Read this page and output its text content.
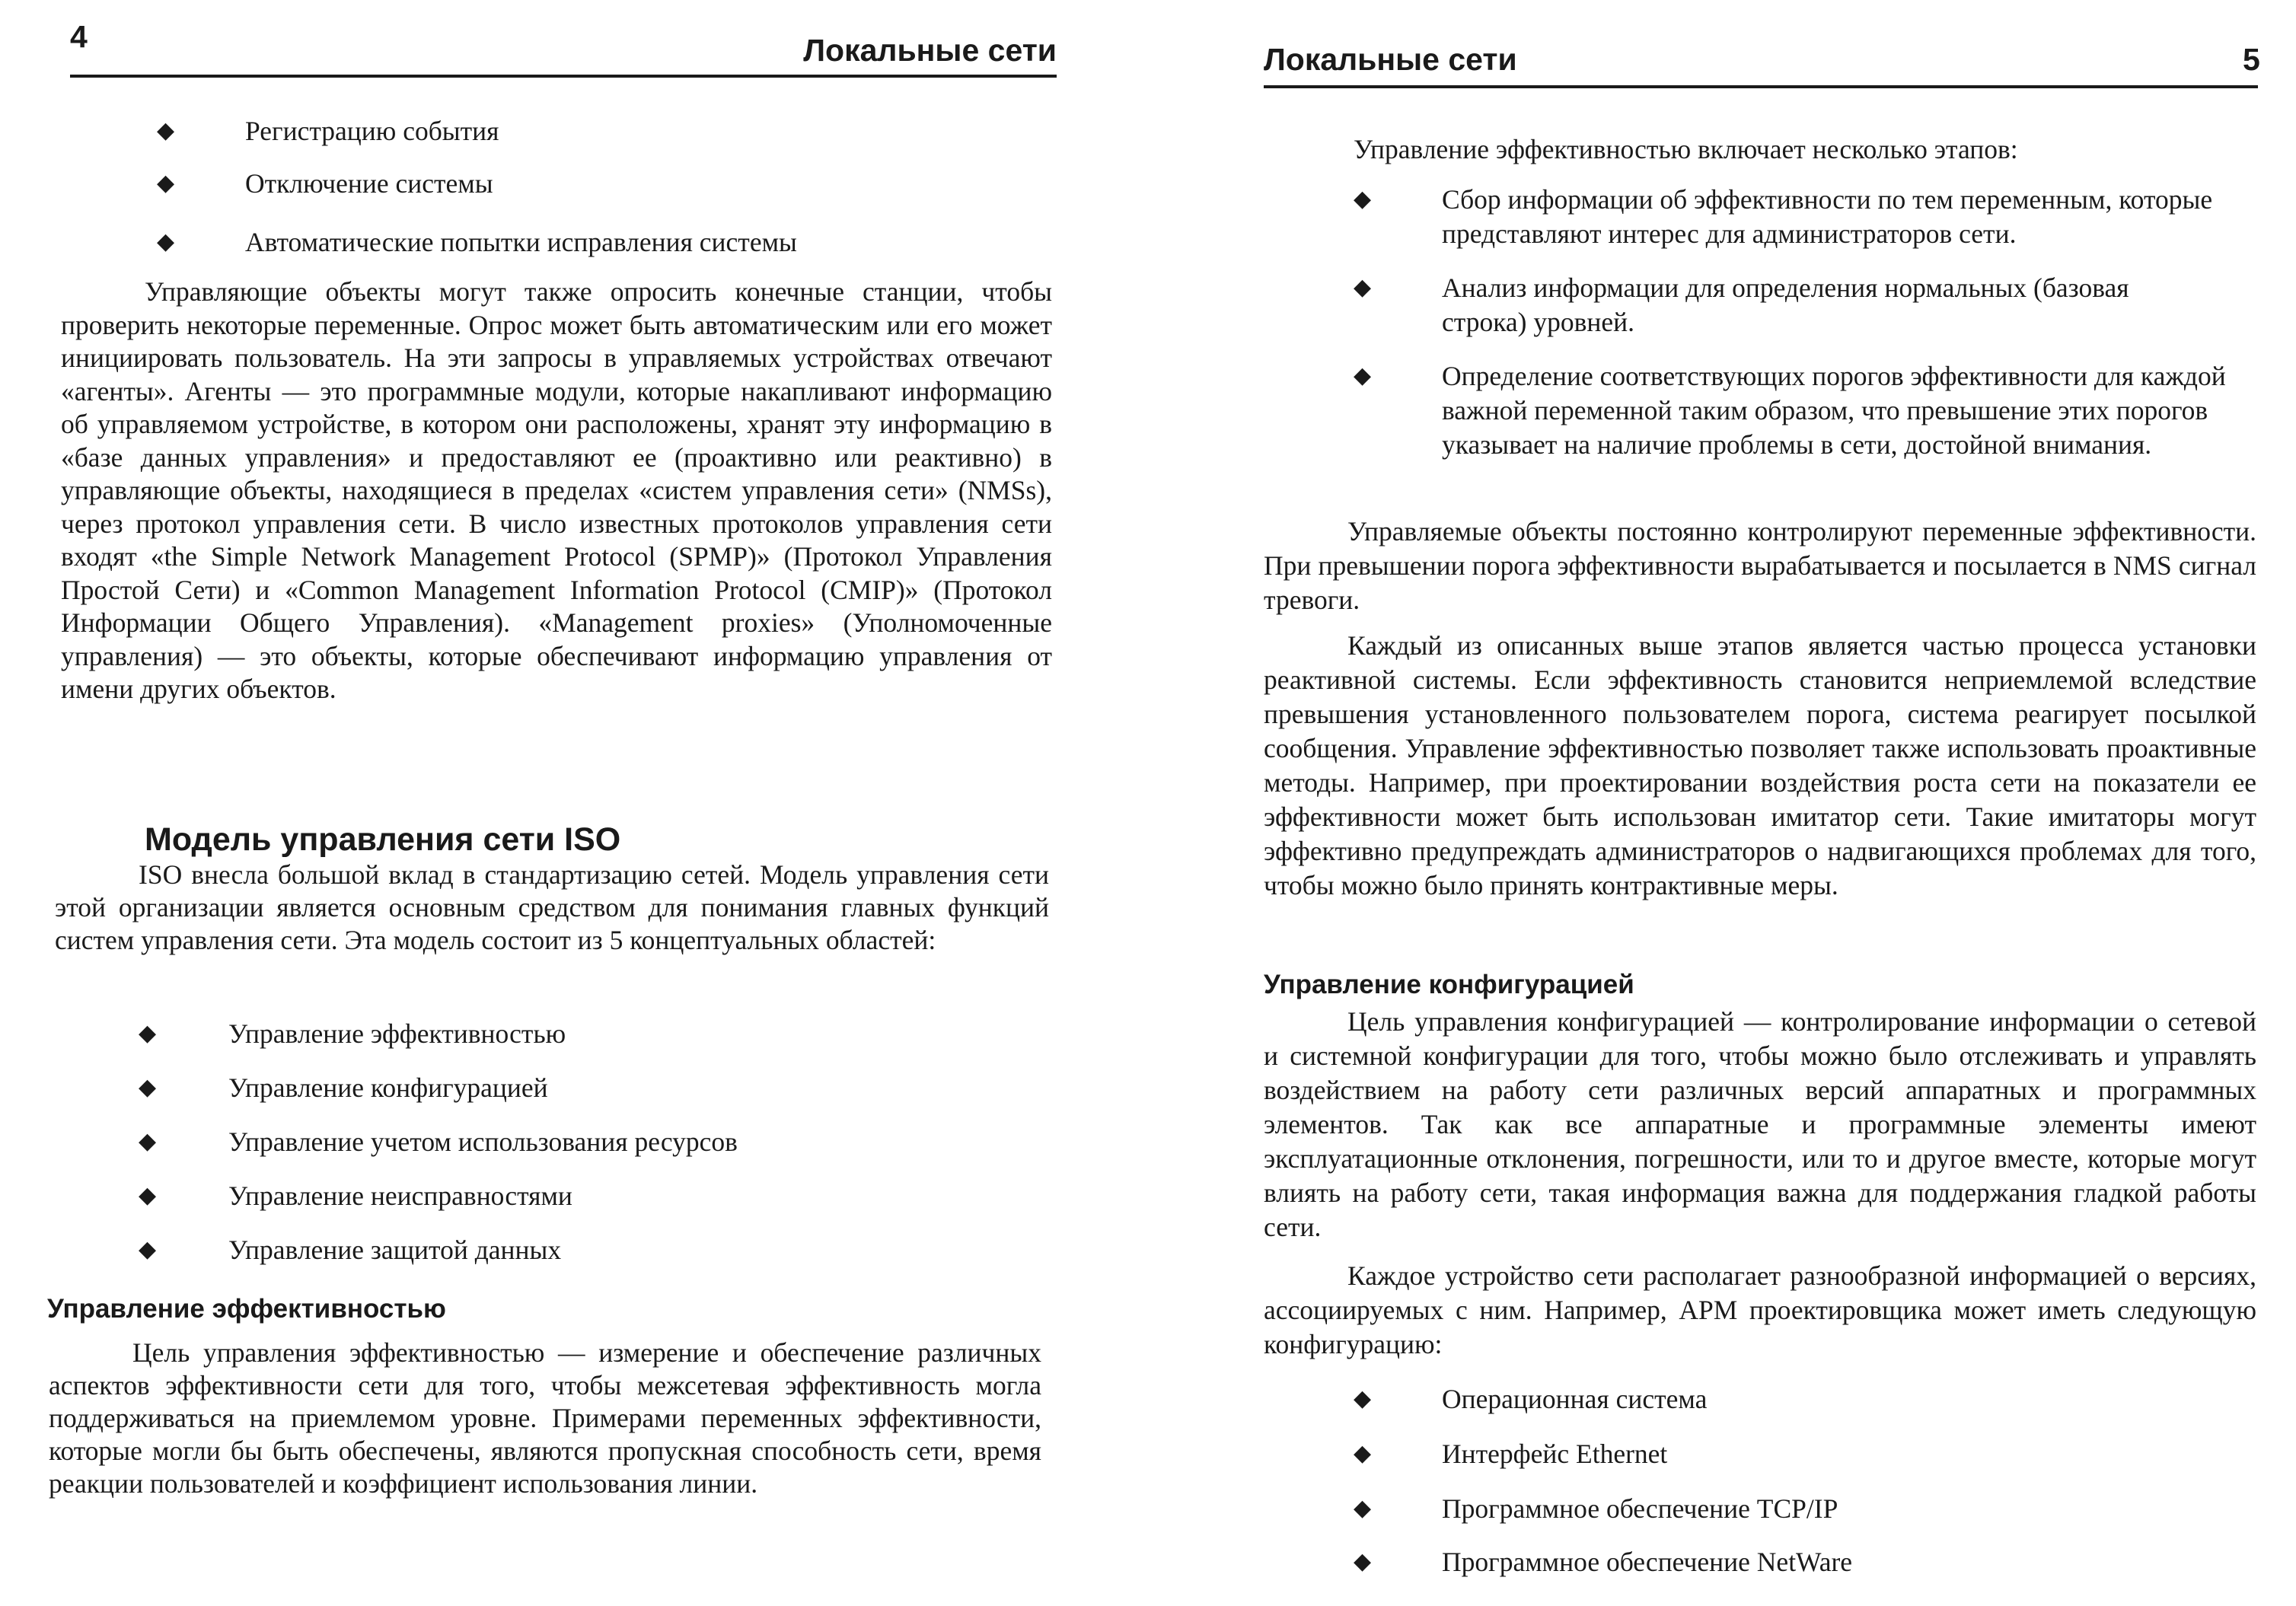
4	Локальные сети
◆	Регистрацию события
◆	Отключение системы
◆	Автоматические попытки исправления системы
Управляющие объекты могут также опросить конечные станции, чтобы проверить некоторые переменные. Опрос может быть автоматическим или его может инициировать пользователь. На эти запросы в управляемых устройствах отвечают «агенты». Агенты — это программные модули, которые накапливают информацию об управляемом устройстве, в котором они расположены, хранят эту информацию в «базе данных управления» и предоставляют ее (проактивно или реактивно) в управляющие объекты, находящиеся в пределах «систем управления сети» (NMSs), через протокол управления сети. В число известных протоколов управления сети входят «the Simple Network Management Protocol (SPMP)» (Протокол Управления Простой Сети) и «Common Management Information Protocol (CMIP)» (Протокол Информации Общего Управления). «Management proxies» (Уполномоченные управления) — это объекты, которые обеспечивают информацию управления от имени других объектов.
Модель управления сети ISO
ISO внесла большой вклад в стандартизацию сетей. Модель управления сети этой организации является основным средством для понимания главных функций систем управления сети. Эта модель состоит из 5 концептуальных областей:
◆	Управление эффективностью
◆	Управление конфигурацией
◆	Управление учетом использования ресурсов
◆	Управление неисправностями
◆	Управление защитой данных
Управление эффективностью
Цель управления эффективностью — измерение и обеспечение различных аспектов эффективности сети для того, чтобы межсетевая эффективность могла поддерживаться на приемлемом уровне. Примерами переменных эффективности, которые могли бы быть обеспечены, являются пропускная способность сети, время реакции пользователей и коэффициент использования линии.
Локальные сети	5
Управление эффективностью включает несколько этапов:
◆	Сбор информации об эффективности по тем переменным, которые представляют интерес для администраторов сети.
◆	Анализ информации для определения нормальных (базовая строка) уровней.
◆	Определение соответствующих порогов эффективности для каждой важной переменной таким образом, что превышение этих порогов указывает на наличие проблемы в сети, достойной внимания.
Управляемые объекты постоянно контролируют переменные эффективности. При превышении порога эффективности вырабатывается и посылается в NMS сигнал тревоги.
Каждый из описанных выше этапов является частью процесса установки реактивной системы. Если эффективность становится неприемлемой вследствие превышения установленного пользователем порога, система реагирует посылкой сообщения. Управление эффективностью позволяет также использовать проактивные методы. Например, при проектировании воздействия роста сети на показатели ее эффективности может быть использован имитатор сети. Такие имитаторы могут эффективно предупреждать администраторов о надвигающихся проблемах для того, чтобы можно было принять контрактивные меры.
Управление конфигурацией
Цель управления конфигурацией — контролирование информации о сетевой и системной конфигурации для того, чтобы можно было отслеживать и управлять воздействием на работу сети различных версий аппаратных и программных элементов. Так как все аппаратные и программные элементы имеют эксплуатационные отклонения, погрешности, или то и другое вместе, которые могут влиять на работу сети, такая информация важна для поддержания гладкой работы сети.
Каждое устройство сети располагает разнообразной информацией о версиях, ассоциируемых с ним. Например, АРМ проектировщика может иметь следующую конфигурацию:
◆	Операционная система
◆	Интерфейс Ethernet
◆	Программное обеспечение TCP/IP
◆	Программное обеспечение NetWare
